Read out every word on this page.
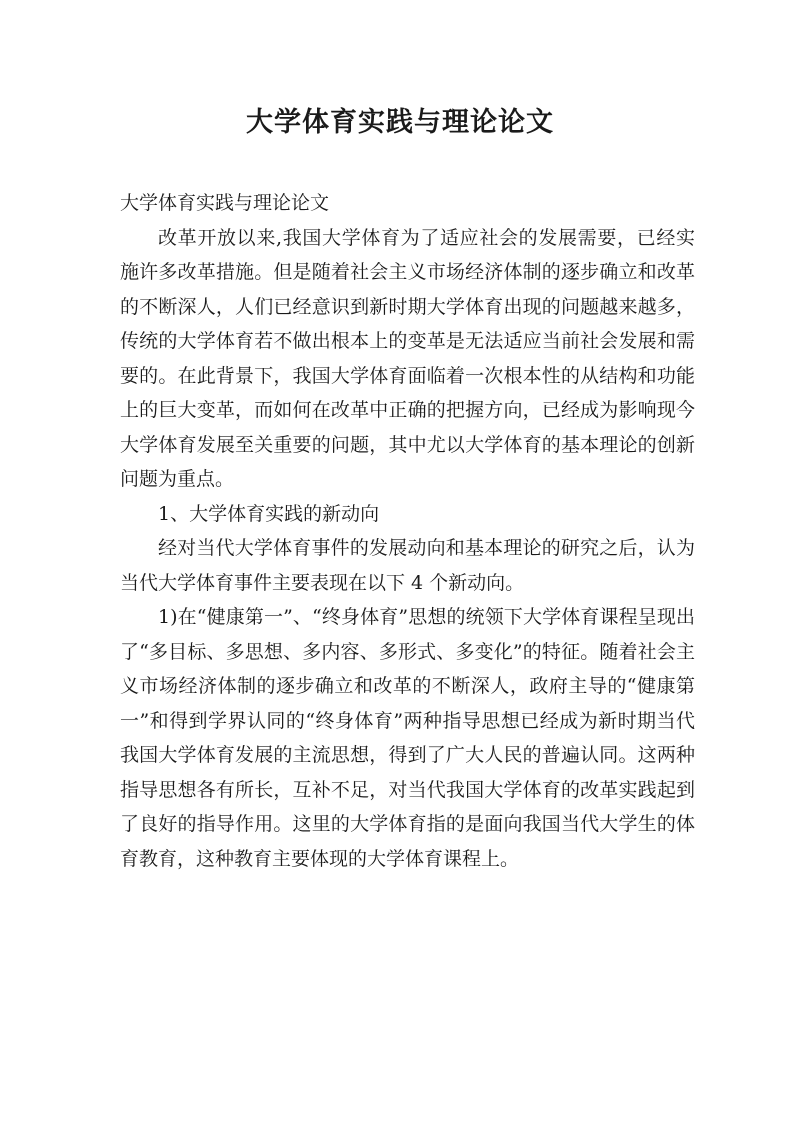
大学体育实践与理论论文

大学体育实践与理论论文

改革开放以来,我国大学体育为了适应社会的发展需要，已经实施许多改革措施。但是随着社会主义市场经济体制的逐步确立和改革的不断深人，人们已经意识到新时期大学体育出现的问题越来越多，传统的大学体育若不做出根本上的变革是无法适应当前社会发展和需要的。在此背景下，我国大学体育面临着一次根本性的从结构和功能上的巨大变革，而如何在改革中正确的把握方向，已经成为影响现今大学体育发展至关重要的问题，其中尤以大学体育的基本理论的创新问题为重点。

1、大学体育实践的新动向

经对当代大学体育事件的发展动向和基本理论的研究之后，认为当代大学体育事件主要表现在以下 4 个新动向。

1)在“健康第一”、“终身体育”思想的统领下大学体育课程呈现出了“多目标、多思想、多内容、多形式、多变化”的特征。随着社会主义市场经济体制的逐步确立和改革的不断深人，政府主导的“健康第一”和得到学界认同的“终身体育”两种指导思想已经成为新时期当代我国大学体育发展的主流思想，得到了广大人民的普遍认同。这两种指导思想各有所长，互补不足，对当代我国大学体育的改革实践起到了良好的指导作用。这里的大学体育指的是面向我国当代大学生的体育教育，这种教育主要体现的大学体育课程上。
